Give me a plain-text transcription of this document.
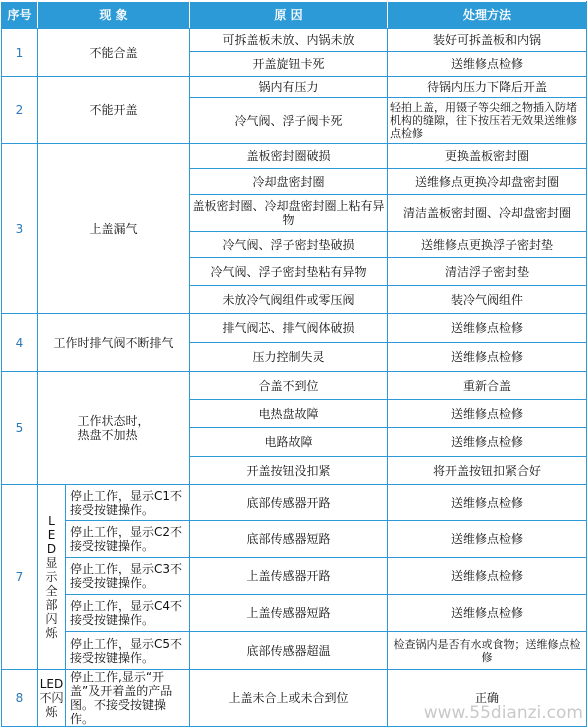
序号	现 象		原 因	处理方法
1	不能合盖		可拆盖板未放、内锅未放	装好可拆盖板和内锅
			开盖旋钮卡死	送维修点检修
2	不能开盖		锅内有压力	待锅内压力下降后开盖
			冷气阀、浮子阀卡死	轻拍上盖，用镊子等尖细之物插入防堵机构的缝隙，往下按压若无效果送维修点检修
3	上盖漏气		盖板密封圈破损	更换盖板密封圈
			冷却盘密封圈	送维修点更换冷却盘密封圈
			盖板密封圈、冷却盘密封圈上粘有异物	清洁盖板密封圈、冷却盘密封圈
			冷气阀、浮子密封垫破损	送维修点更换浮子密封垫
			冷气阀、浮子密封垫粘有异物	清洁浮子密封垫
			未放冷气阀组件或零压阀	装冷气阀组件
4	工作时排气阀不断排气		排气阀芯、排气阀体破损	送维修点检修
			压力控制失灵	送维修点检修
5	工作状态时，热盘不加热		合盖不到位	重新合盖
			电热盘故障	送维修点检修
			电路故障	送维修点检修
			开盖按钮没扣紧	将开盖按钮扣紧合好
7	LED显示全部闪烁	停止工作，显示C1不接受按键操作。	底部传感器开路	送维修点检修
		停止工作，显示C2不接受按键操作。	底部传感器短路	送维修点检修
		停止工作，显示C3不接受按键操作。	上盖传感器开路	送维修点检修
		停止工作，显示C4不接受按键操作。	上盖传感器短路	送维修点检修
		停止工作，显示C5不接受按键操作。	底部传感器超温	检查锅内是否有水或食物；送维修点检修
8	LED不闪烁	停止工作,显示“开盖”及开着盖的产品图。不接受按键操作。	上盖未合上或未合到位	正确
www.55dianzi.com
